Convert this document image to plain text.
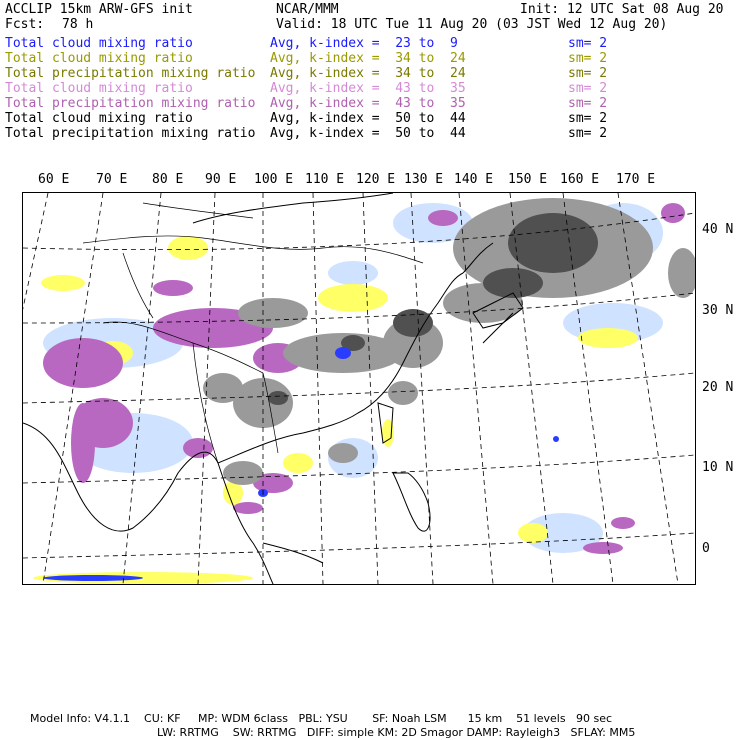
ACCLIP 15km ARW-GFS init	NCAR/MMM	Init: 12 UTC Sat 08 Aug 20
Fcst: 78 h	Valid: 18 UTC Tue 11 Aug 20 (03 JST Wed 12 Aug 20)
Total cloud mixing ratio	Avg, k-index =  23 to  9	sm= 2
Total cloud mixing ratio	Avg, k-index =  34 to  24	sm= 2
Total precipitation mixing ratio Avg, k-index =  34 to  24	sm= 2
Total cloud mixing ratio	Avg, k-index =  43 to  35	sm= 2
Total precipitation mixing ratio Avg, k-index =  43 to  35	sm= 2
Total cloud mixing ratio	Avg, k-index =  50 to  44	sm= 2
Total precipitation mixing ratio Avg, k-index =  50 to  44	sm= 2
60 E 70 E 80 E 90 E 100 E 110 E 120 E 130 E 140 E 150 E 160 E 170 E
40 N
30 N
20 N
10 N
0
Model Info: V4.1.1    CU: KF     MP: WDM 6class   PBL: YSU       SF: Noah LSM      15 km    51 levels   90 sec
LW: RRTMG    SW: RRTMG   DIFF: simple KM: 2D Smagor DAMP: Rayleigh3   SFLAY: MM5
